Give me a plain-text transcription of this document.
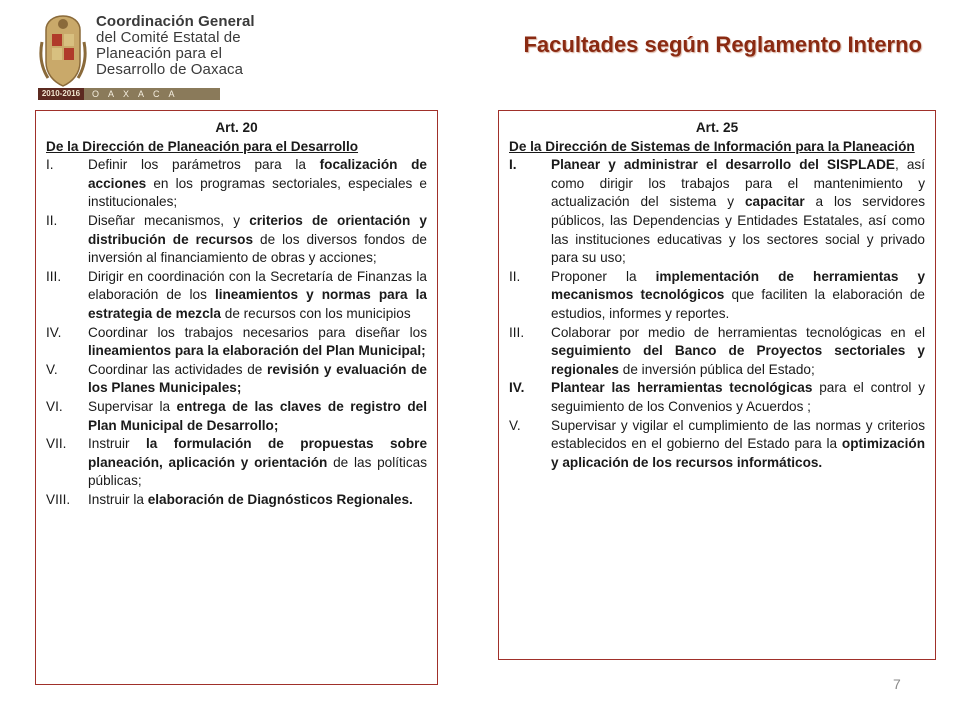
Coordinación General
del Comité Estatal de
Planeación para el
Desarrollo de Oaxaca
2010-2016	OAXACA
Facultades según Reglamento Interno
Art. 20
De la Dirección de Planeación para el Desarrollo
I.	Definir los parámetros para la focalización de acciones en los programas sectoriales, especiales e institucionales;
II.	Diseñar mecanismos, y criterios de orientación y distribución de recursos de los diversos fondos de inversión al financiamiento de obras y acciones;
III.	Dirigir en coordinación con la Secretaría de Finanzas la elaboración de los lineamientos y normas para la estrategia de mezcla de recursos con los municipios
IV.	Coordinar los trabajos necesarios para diseñar los lineamientos para la elaboración del Plan Municipal;
V.	Coordinar las actividades de revisión y evaluación de los Planes Municipales;
VI.	Supervisar la entrega de las claves de registro del Plan Municipal de Desarrollo;
VII.	Instruir la formulación de propuestas sobre planeación, aplicación y orientación de las políticas públicas;
VIII.	Instruir la elaboración de Diagnósticos Regionales.
Art. 25
De la Dirección de Sistemas de Información para la Planeación
I.	Planear y administrar el desarrollo del SISPLADE, así como dirigir los trabajos para el mantenimiento y actualización del sistema y capacitar a los servidores públicos, las Dependencias y Entidades Estatales, así como las instituciones educativas y los sectores social y privado para su uso;
II.	Proponer la implementación de herramientas y mecanismos tecnológicos que faciliten la elaboración de estudios, informes y reportes.
III.	Colaborar por medio de herramientas tecnológicas en el seguimiento del Banco de Proyectos sectoriales y regionales de inversión pública del Estado;
IV.	Plantear las herramientas tecnológicas para el control y seguimiento de los Convenios y Acuerdos ;
V.	Supervisar y vigilar el cumplimiento de las normas y criterios establecidos en el gobierno del Estado para la optimización y aplicación de los recursos informáticos.
7
